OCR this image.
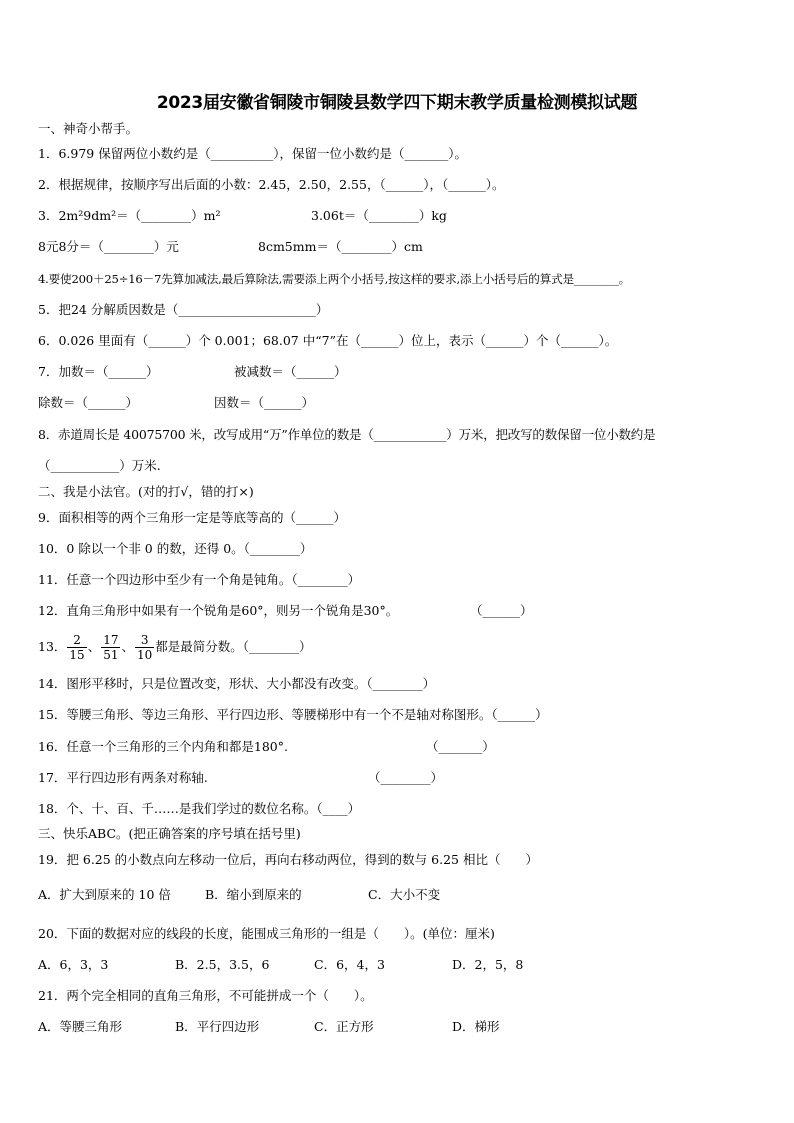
2023届安徽省铜陵市铜陵县数学四下期末教学质量检测模拟试题
一、神奇小帮手。
1．6.979 保留两位小数约是（__________），保留一位小数约是（_______）。
2．根据规律，按顺序写出后面的小数：2.45，2.50，2.55，（______），（______）。
3．2m²9dm²＝（________）m²	3.06t＝（________）kg
8元8分＝（________）元	8cm5mm＝（________）cm
4.要使200＋25÷16－7先算加减法,最后算除法,需要添上两个小括号,按这样的要求,添上小括号后的算式是________。
5．把24 分解质因数是（______________________）
6．0.026 里面有（______）个 0.001；68.07 中“7”在（______）位上，表示（______）个（______）。
7．加数＝（______）	被减数＝（______）
除数＝（______）	因数＝（______）
8．赤道周长是 40075700 米，改写成用“万”作单位的数是（____________）万米，把改写的数保留一位小数约是
（___________）万米.
二、我是小法官。(对的打√，错的打×)
9．面积相等的两个三角形一定是等底等高的（______）
10．0 除以一个非 0 的数，还得 0。（________）
11．任意一个四边形中至少有一个角是钝角。（________）
12．直角三角形中如果有一个锐角是60°，则另一个锐角是30°。	（______）
13． $\frac{2}{15}$ 、 $\frac{17}{51}$ 、 $\frac{3}{10}$ 都是最简分数。（________）
14．图形平移时，只是位置改变，形状、大小都没有改变。（________）
15．等腰三角形、等边三角形、平行四边形、等腰梯形中有一个不是轴对称图形。（______）
16．任意一个三角形的三个内角和都是180°.	（_______）
17．平行四边形有两条对称轴.	（________）
18．个、十、百、千……是我们学过的数位名称。（____）
三、快乐ABC。(把正确答案的序号填在括号里)
19．把 6.25 的小数点向左移动一位后，再向右移动两位，得到的数与 6.25 相比（　　）
A．扩大到原来的 10 倍	B．缩小到原来的	C．大小不变
20．下面的数据对应的线段的长度，能围成三角形的一组是（　　）。(单位：厘米)
A．6，3，3	B．2.5，3.5，6	C．6，4，3	D．2，5，8
21．两个完全相同的直角三角形，不可能拼成一个（　　）。
A．等腰三角形	B．平行四边形	C．正方形	D．梯形
